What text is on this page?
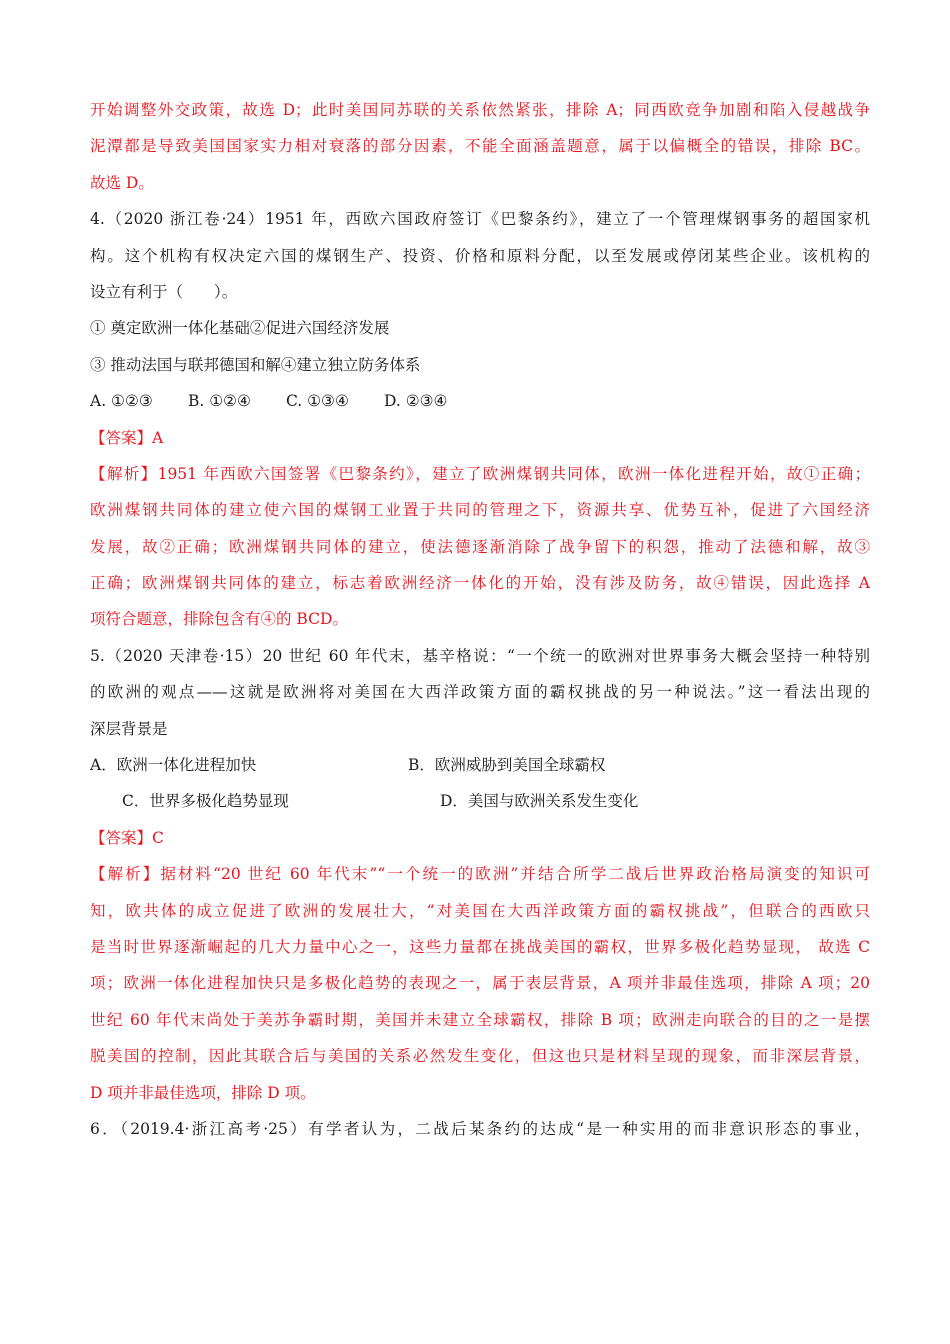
开始调整外交政策，故选 D；此时美国同苏联的关系依然紧张，排除 A；同西欧竞争加剧和陷入侵越战争
泥潭都是导致美国国家实力相对衰落的部分因素，不能全面涵盖题意，属于以偏概全的错误，排除 BC。
故选 D。
4.（2020 浙江卷·24）1951 年，西欧六国政府签订《巴黎条约》，建立了一个管理煤钢事务的超国家机
构。这个机构有权决定六国的煤钢生产、投资、价格和原料分配，以至发展或停闭某些企业。该机构的
设立有利于（　　）。
① 奠定欧洲一体化基础②促进六国经济发展
③ 推动法国与联邦德国和解④建立独立防务体系
A. ①②③ B. ①②④ C. ①③④ D. ②③④
【答案】A
【解析】1951 年西欧六国签署《巴黎条约》，建立了欧洲煤钢共同体，欧洲一体化进程开始，故①正确；
欧洲煤钢共同体的建立使六国的煤钢工业置于共同的管理之下，资源共享、优势互补，促进了六国经济
发展，故②正确；欧洲煤钢共同体的建立，使法德逐渐消除了战争留下的积怨，推动了法德和解，故③
正确；欧洲煤钢共同体的建立，标志着欧洲经济一体化的开始，没有涉及防务，故④错误，因此选择 A
项符合题意，排除包含有④的 BCD。
5.（2020 天津卷·15）20 世纪 60 年代末，基辛格说：“一个统一的欧洲对世界事务大概会坚持一种特别
的欧洲的观点——这就是欧洲将对美国在大西洋政策方面的霸权挑战的另一种说法。”这一看法出现的
深层背景是
A．欧洲一体化进程加快	B．欧洲威胁到美国全球霸权
C．世界多极化趋势显现	D．美国与欧洲关系发生变化
【答案】C
【解析】据材料“20 世纪 60 年代末”“一个统一的欧洲”并结合所学二战后世界政治格局演变的知识可
知，欧共体的成立促进了欧洲的发展壮大，“对美国在大西洋政策方面的霸权挑战”，但联合的西欧只
是当时世界逐渐崛起的几大力量中心之一，这些力量都在挑战美国的霸权，世界多极化趋势显现， 故选 C
项；欧洲一体化进程加快只是多极化趋势的表现之一，属于表层背景，A 项并非最佳选项，排除 A 项；20
世纪 60 年代末尚处于美苏争霸时期，美国并未建立全球霸权，排除 B 项；欧洲走向联合的目的之一是摆
脱美国的控制，因此其联合后与美国的关系必然发生变化，但这也只是材料呈现的现象，而非深层背景，
D 项并非最佳选项，排除 D 项。
6．（2019.4·浙江高考·25）有学者认为，二战后某条约的达成“是一种实用的而非意识形态的事业，
